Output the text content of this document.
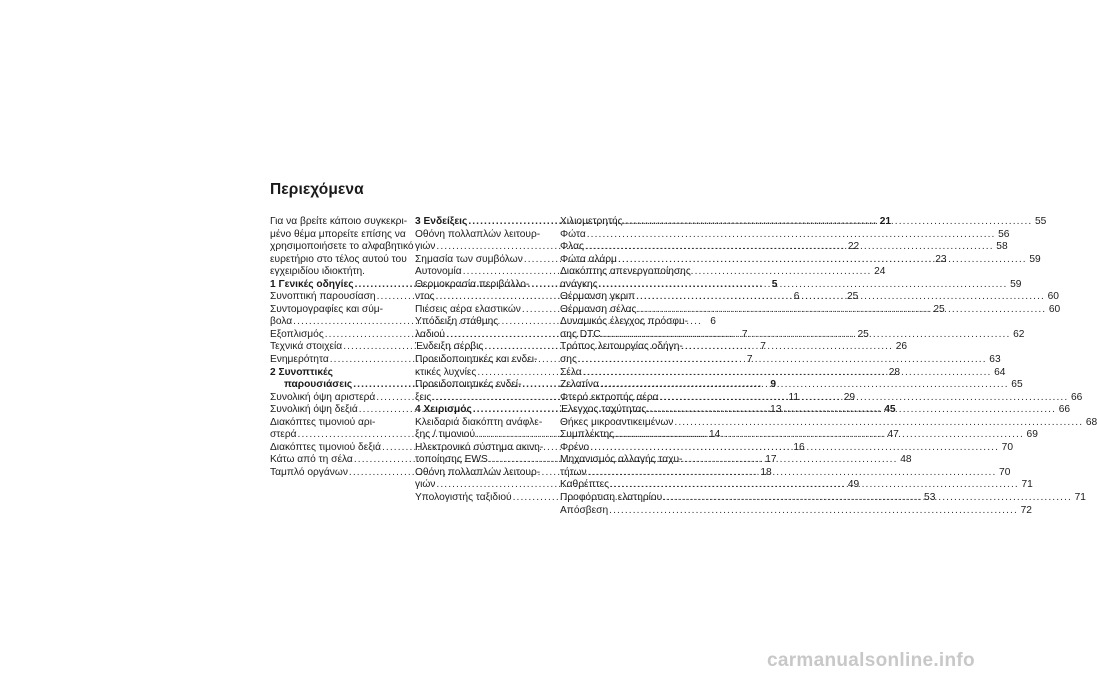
Περιεχόμενα
Για να βρείτε κάποιο συγκεκρι-
μένο θέμα μπορείτε επίσης να
χρησιμοποιήσετε το αλφαβητικό
ευρετήριο στο τέλος αυτού του
εγχειριδίου ιδιοκτήτη.
1 Γενικές οδηγίες .....	5
Συνοπτική παρουσίαση .....	6
Συντομογραφίες και σύμ-
βολα .....	6
Εξοπλισμός .....	7
Τεχνικά στοιχεία .....	7
Ενημερότητα .....	7
2 Συνοπτικές
παρουσιάσεις .....	9
Συνολική όψη αριστερά .....	11
Συνολική όψη δεξιά .....	13
Διακόπτες τιμονιού αρι-
στερά .....	14
Διακόπτες τιμονιού δεξιά .....	16
Κάτω από τη σέλα .....	17
Ταμπλό οργάνων .....	18
3 Ενδείξεις .....	21
Οθόνη πολλαπλών λειτουρ-
γιών .....	22
Σημασία των συμβόλων .....	23
Αυτονομία .....	24
Θερμοκρασία περιβάλλο-
ντος .....	25
Πιέσεις αέρα ελαστικών .....	25
Υπόδειξη στάθμης
λαδιού .....	25
Ένδειξη σέρβις .....	26
Προειδοποιητικές και ενδει-
κτικές λυχνίες .....	28
Προειδοποιητικές ενδεί-
ξεις .....	29
4 Χειρισμός .....	45
Κλειδαριά διακόπτη ανάφλε-
ξης / τιμονιού .....	47
Ηλεκτρονικό σύστημα ακινη-
τοποίησης EWS .....	48
Οθόνη πολλαπλών λειτουρ-
γιών .....	49
Υπολογιστής ταξιδιού .....	53
Χιλιομετρητής .....	55
Φώτα .....	56
Φλας .....	58
Φώτα αλάρμ .....	59
Διακόπτης απενεργοποίησης
ανάγκης .....	59
Θέρμανση γκριπ .....	60
Θέρμανση σέλας .....	60
Δυναμικός έλεγχος πρόσφυ-
σης DTC .....	62
Τρόπος λειτουργίας οδήγη-
σης .....	63
Σέλα .....	64
Ζελατίνα .....	65
Φτερό εκτροπής αέρα .....	66
Έλεγχος ταχύτητας .....	66
Θήκες μικροαντικειμένων .....	68
Συμπλέκτης .....	69
Φρένο .....	70
Μηχανισμός αλλαγής ταχυ-
τήτων .....	70
Καθρέπτες .....	71
Προφόρτιση ελατηρίου .....	71
Απόσβεση .....	72
carmanualsonline.info
